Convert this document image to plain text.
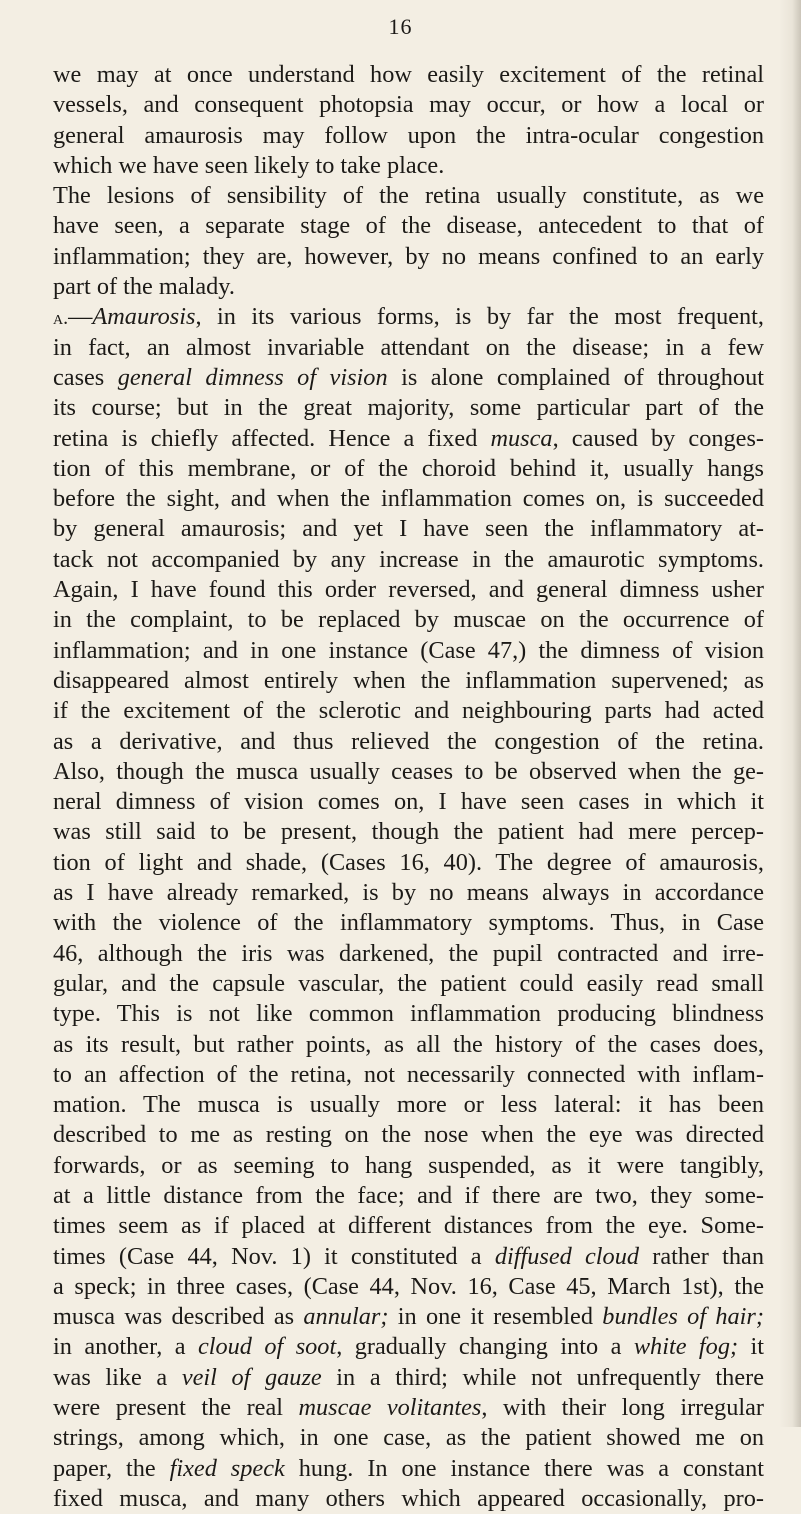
16
we may at once understand how easily excitement of the retinal
vessels, and consequent photopsia may occur, or how a local or
general amaurosis may follow upon the intra-ocular congestion
which we have seen likely to take place.
The lesions of sensibility of the retina usually constitute, as we
have seen, a separate stage of the disease, antecedent to that of
inflammation; they are, however, by no means confined to an early
part of the malady.
a.—Amaurosis, in its various forms, is by far the most frequent,
in fact, an almost invariable attendant on the disease; in a few
cases general dimness of vision is alone complained of throughout
its course; but in the great majority, some particular part of the
retina is chiefly affected. Hence a fixed musca, caused by conges-
tion of this membrane, or of the choroid behind it, usually hangs
before the sight, and when the inflammation comes on, is succeeded
by general amaurosis; and yet I have seen the inflammatory at-
tack not accompanied by any increase in the amaurotic symptoms.
Again, I have found this order reversed, and general dimness usher
in the complaint, to be replaced by muscae on the occurrence of
inflammation; and in one instance (Case 47,) the dimness of vision
disappeared almost entirely when the inflammation supervened; as
if the excitement of the sclerotic and neighbouring parts had acted
as a derivative, and thus relieved the congestion of the retina.
Also, though the musca usually ceases to be observed when the ge-
neral dimness of vision comes on, I have seen cases in which it
was still said to be present, though the patient had mere percep-
tion of light and shade, (Cases 16, 40). The degree of amaurosis,
as I have already remarked, is by no means always in accordance
with the violence of the inflammatory symptoms. Thus, in Case
46, although the iris was darkened, the pupil contracted and irre-
gular, and the capsule vascular, the patient could easily read small
type. This is not like common inflammation producing blindness
as its result, but rather points, as all the history of the cases does,
to an affection of the retina, not necessarily connected with inflam-
mation. The musca is usually more or less lateral: it has been
described to me as resting on the nose when the eye was directed
forwards, or as seeming to hang suspended, as it were tangibly,
at a little distance from the face; and if there are two, they some-
times seem as if placed at different distances from the eye. Some-
times (Case 44, Nov. 1) it constituted a diffused cloud rather than
a speck; in three cases, (Case 44, Nov. 16, Case 45, March 1st), the
musca was described as annular; in one it resembled bundles of hair;
in another, a cloud of soot, gradually changing into a white fog; it
was like a veil of gauze in a third; while not unfrequently there
were present the real muscae volitantes, with their long irregular
strings, among which, in one case, as the patient showed me on
paper, the fixed speck hung. In one instance there was a constant
fixed musca, and many others which appeared occasionally, pro-
